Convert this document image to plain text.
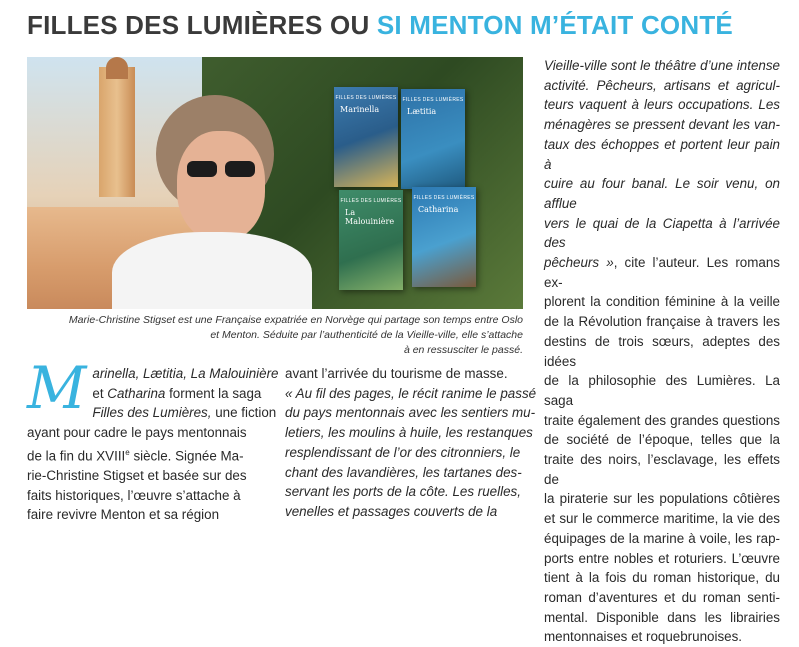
FILLES DES LUMIÈRES OU SI MENTON M’ÉTAIT CONTÉ
FILLES DES LUMIÈRES
Marinella
FILLES DES LUMIÈRES
Lætitia
FILLES DES LUMIÈRES
La Malouinière
FILLES DES LUMIÈRES
Catharina
Marie-Christine Stigset est une Française expatriée en Norvège qui partage son temps entre Oslo
et Menton. Séduite par l’authenticité de la Vieille-ville, elle s’attache
à en ressusciter le passé.
M arinella, Lætitia, La Malouinière
et Catharina forment la saga
Filles des Lumières, une fiction
ayant pour cadre le pays mentonnais
de la fin du XVIIIe siècle. Signée Ma-
rie-Christine Stigset et basée sur des
faits historiques, l’œuvre s’attache à
faire revivre Menton et sa région
avant l’arrivée du tourisme de masse.
« Au fil des pages, le récit ranime le passé
du pays mentonnais avec les sentiers mu-
letiers, les moulins à huile, les restanques
resplendissant de l’or des citronniers, le
chant des lavandières, les tartanes des-
servant les ports de la côte. Les ruelles,
venelles et passages couverts de la
Vieille-ville sont le théâtre d’une intense
activité. Pêcheurs, artisans et agricul-
teurs vaquent à leurs occupations. Les
ménagères se pressent devant les van-
taux des échoppes et portent leur pain à
cuire au four banal. Le soir venu, on afflue
vers le quai de la Ciapetta à l’arrivée des
pêcheurs », cite l’auteur. Les romans ex-
plorent la condition féminine à la veille
de la Révolution française à travers les
destins de trois sœurs, adeptes des idées
de la philosophie des Lumières. La saga
traite également des grandes questions
de société de l’époque, telles que la
traite des noirs, l’esclavage, les effets de
la piraterie sur les populations côtières
et sur le commerce maritime, la vie des
équipages de la marine à voile, les rap-
ports entre nobles et roturiers. L’œuvre
tient à la fois du roman historique, du
roman d’aventures et du roman senti-
mental. Disponible dans les librairies
mentonnaises et roquebrunoises.
